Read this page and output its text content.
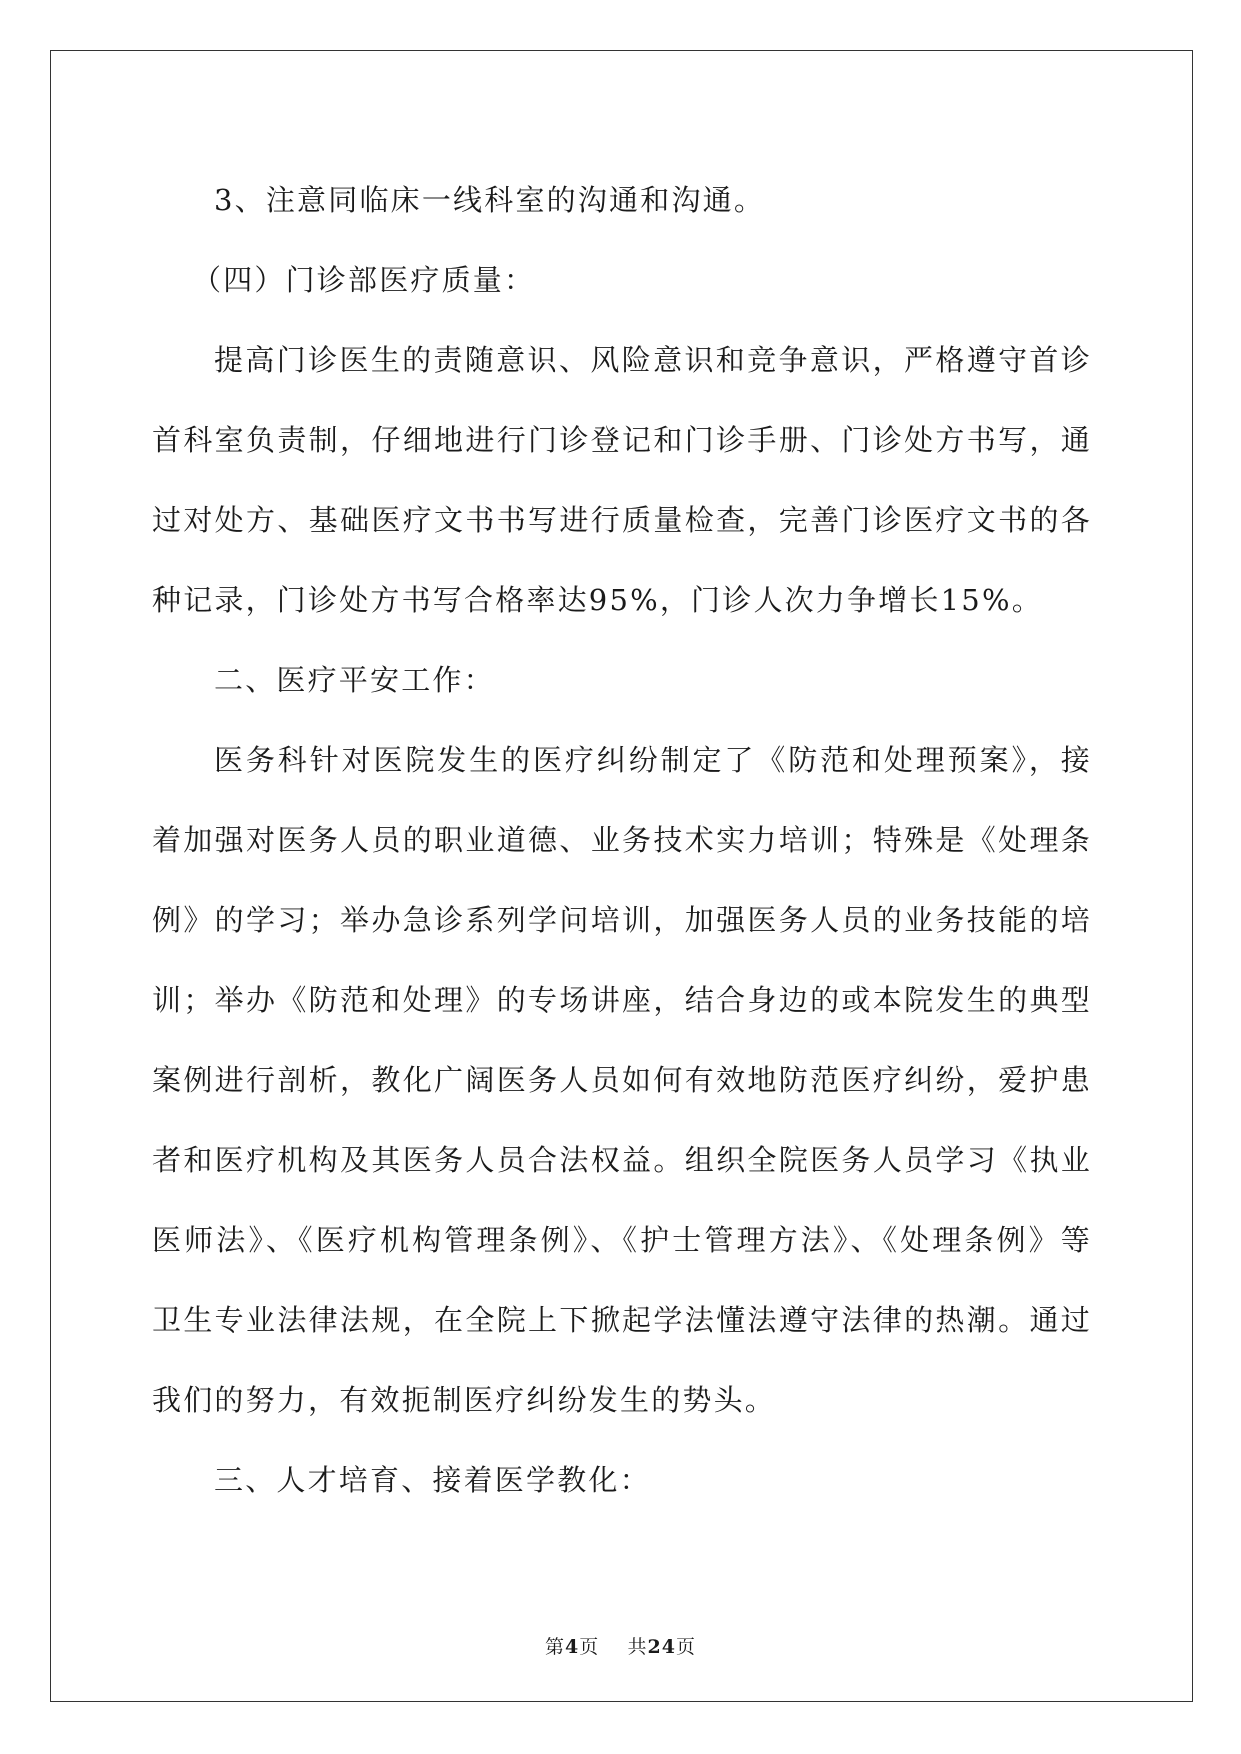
3、注意同临床一线科室的沟通和沟通。

（四）门诊部医疗质量：

提高门诊医生的责随意识、风险意识和竞争意识，严格遵守首诊首科室负责制，仔细地进行门诊登记和门诊手册、门诊处方书写，通过对处方、基础医疗文书书写进行质量检查，完善门诊医疗文书的各种记录，门诊处方书写合格率达95%，门诊人次力争增长15%。

二、医疗平安工作：

医务科针对医院发生的医疗纠纷制定了《防范和处理预案》，接着加强对医务人员的职业道德、业务技术实力培训；特殊是《处理条例》的学习；举办急诊系列学问培训，加强医务人员的业务技能的培训；举办《防范和处理》的专场讲座，结合身边的或本院发生的典型案例进行剖析，教化广阔医务人员如何有效地防范医疗纠纷，爱护患者和医疗机构及其医务人员合法权益。组织全院医务人员学习《执业医师法》、《医疗机构管理条例》、《护士管理方法》、《处理条例》等卫生专业法律法规，在全院上下掀起学法懂法遵守法律的热潮。通过我们的努力，有效扼制医疗纠纷发生的势头。

三、人才培育、接着医学教化：

第4页 共24页
